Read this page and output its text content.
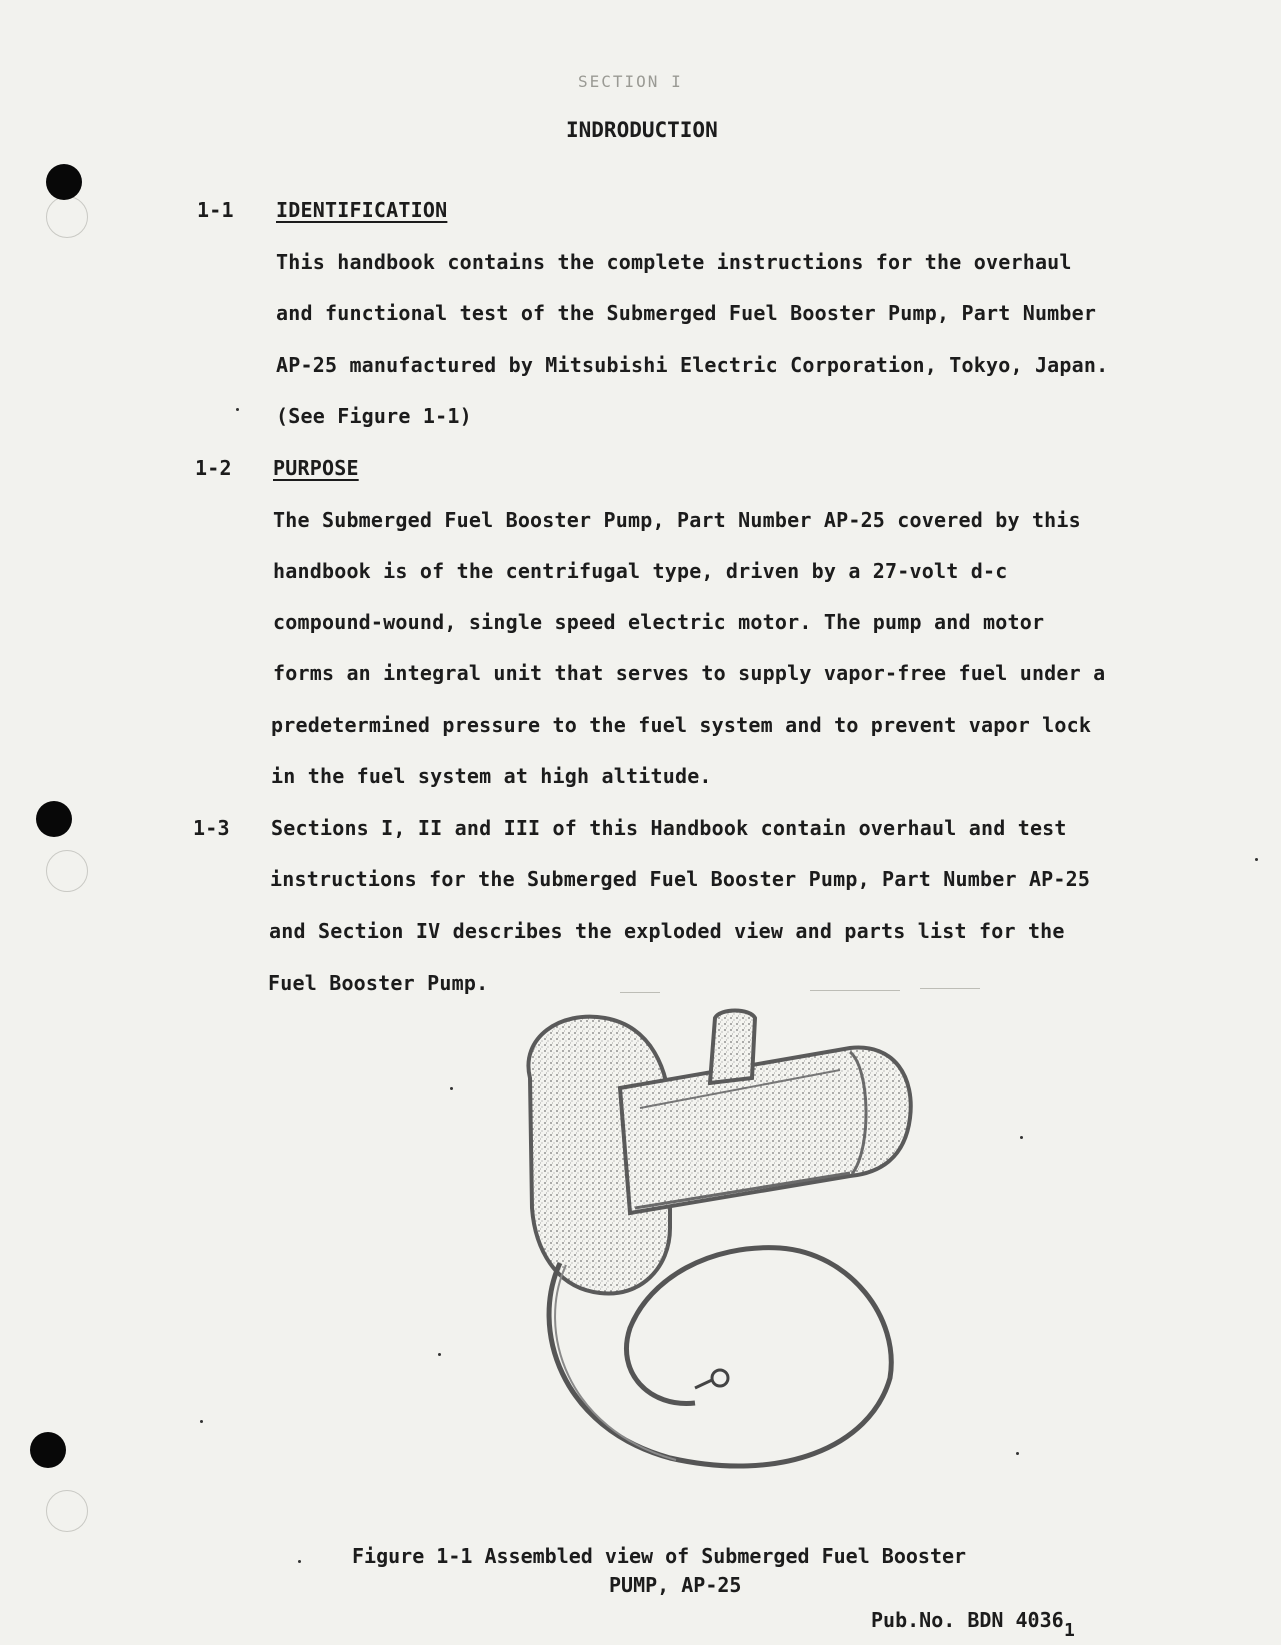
SECTION I
INDRODUCTION
1-1 IDENTIFICATION
This handbook contains the complete instructions for the overhaul
and functional test of the Submerged Fuel Booster Pump, Part Number
AP-25 manufactured by Mitsubishi Electric Corporation, Tokyo, Japan.
(See Figure 1-1)
1-2 PURPOSE
The Submerged Fuel Booster Pump, Part Number AP-25 covered by this
handbook is of the centrifugal type, driven by a 27-volt d-c
compound-wound, single speed electric motor. The pump and motor
forms an integral unit that serves to supply vapor-free fuel under a
predetermined pressure to the fuel system and to prevent vapor lock
in the fuel system at high altitude.
1-3 Sections I, II and III of this Handbook contain overhaul and test
instructions for the Submerged Fuel Booster Pump, Part Number AP-25
and Section IV describes the exploded view and parts list for the
Fuel Booster Pump.
Figure 1-1 Assembled view of Submerged Fuel Booster
PUMP, AP-25
Pub.No. BDN 4036 1
